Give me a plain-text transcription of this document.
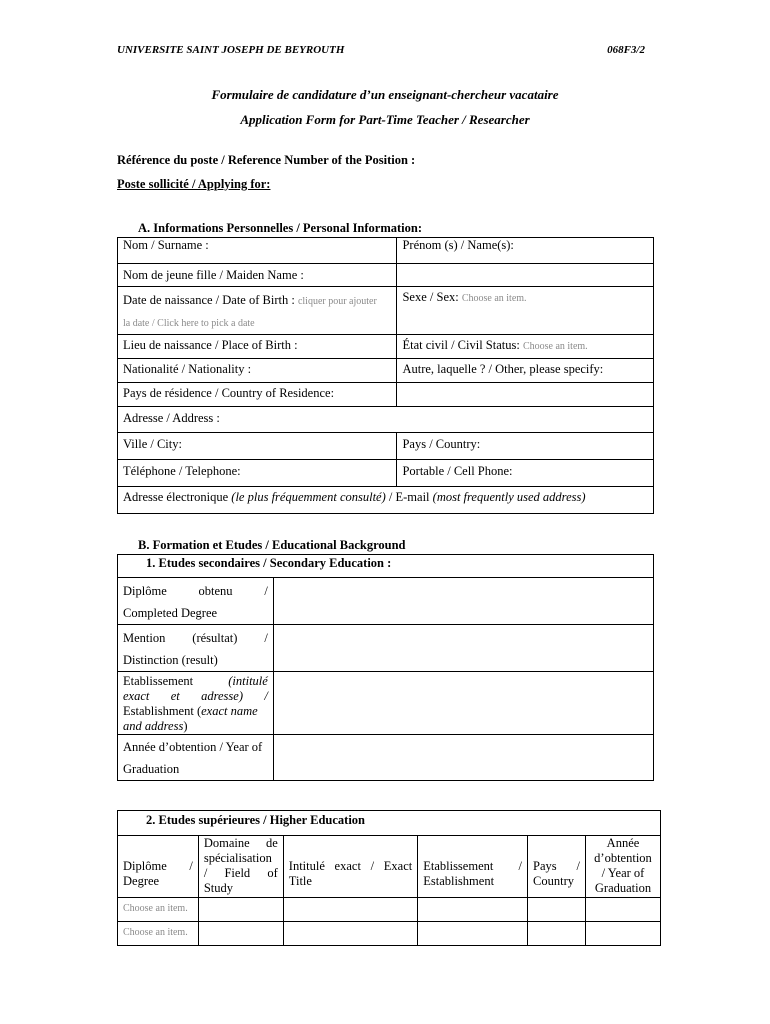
UNIVERSITE SAINT JOSEPH DE BEYROUTH	068F3/2
Formulaire de candidature d’un enseignant-chercheur vacataire
Application Form for Part-Time Teacher / Researcher
Référence du poste / Reference Number of the Position :
Poste sollicité / Applying for:
A. Informations Personnelles / Personal Information:
Nom / Surname :	Prénom (s) / Name(s):
Nom de jeune fille / Maiden Name :	
Date de naissance / Date of Birth : cliquer pour ajouter
la date / Click here to pick a date	Sexe / Sex: Choose an item.
Lieu de naissance / Place of Birth :	État civil / Civil Status: Choose an item.
Nationalité / Nationality :	Autre, laquelle ? / Other, please specify:
Pays de résidence / Country of Residence:	
Adresse / Address :	
Ville / City:	Pays / Country:
Téléphone / Telephone:	Portable / Cell Phone:
Adresse électronique (le plus fréquemment consulté) / E-mail (most frequently used address)	
B. Formation et Etudes / Educational Background
1. Etudes secondaires / Secondary Education :	

Diplôme obtenu /
Completed Degree	

Mention (résultat) /
Distinction (result)	

Etablissement (intitulé
exact et adresse) /
Establishment (exact name
and address)	

Année d’obtention / Year of
Graduation	

2. Etudes supérieures / Higher Education					
Diplôme / Degree	Domaine de spécialisation / Field of Study	Intitulé exact / Exact Title	Etablissement / Establishment	Pays / Country	Année d’obtention / Year of Graduation
Choose an item.					
Choose an item.					
